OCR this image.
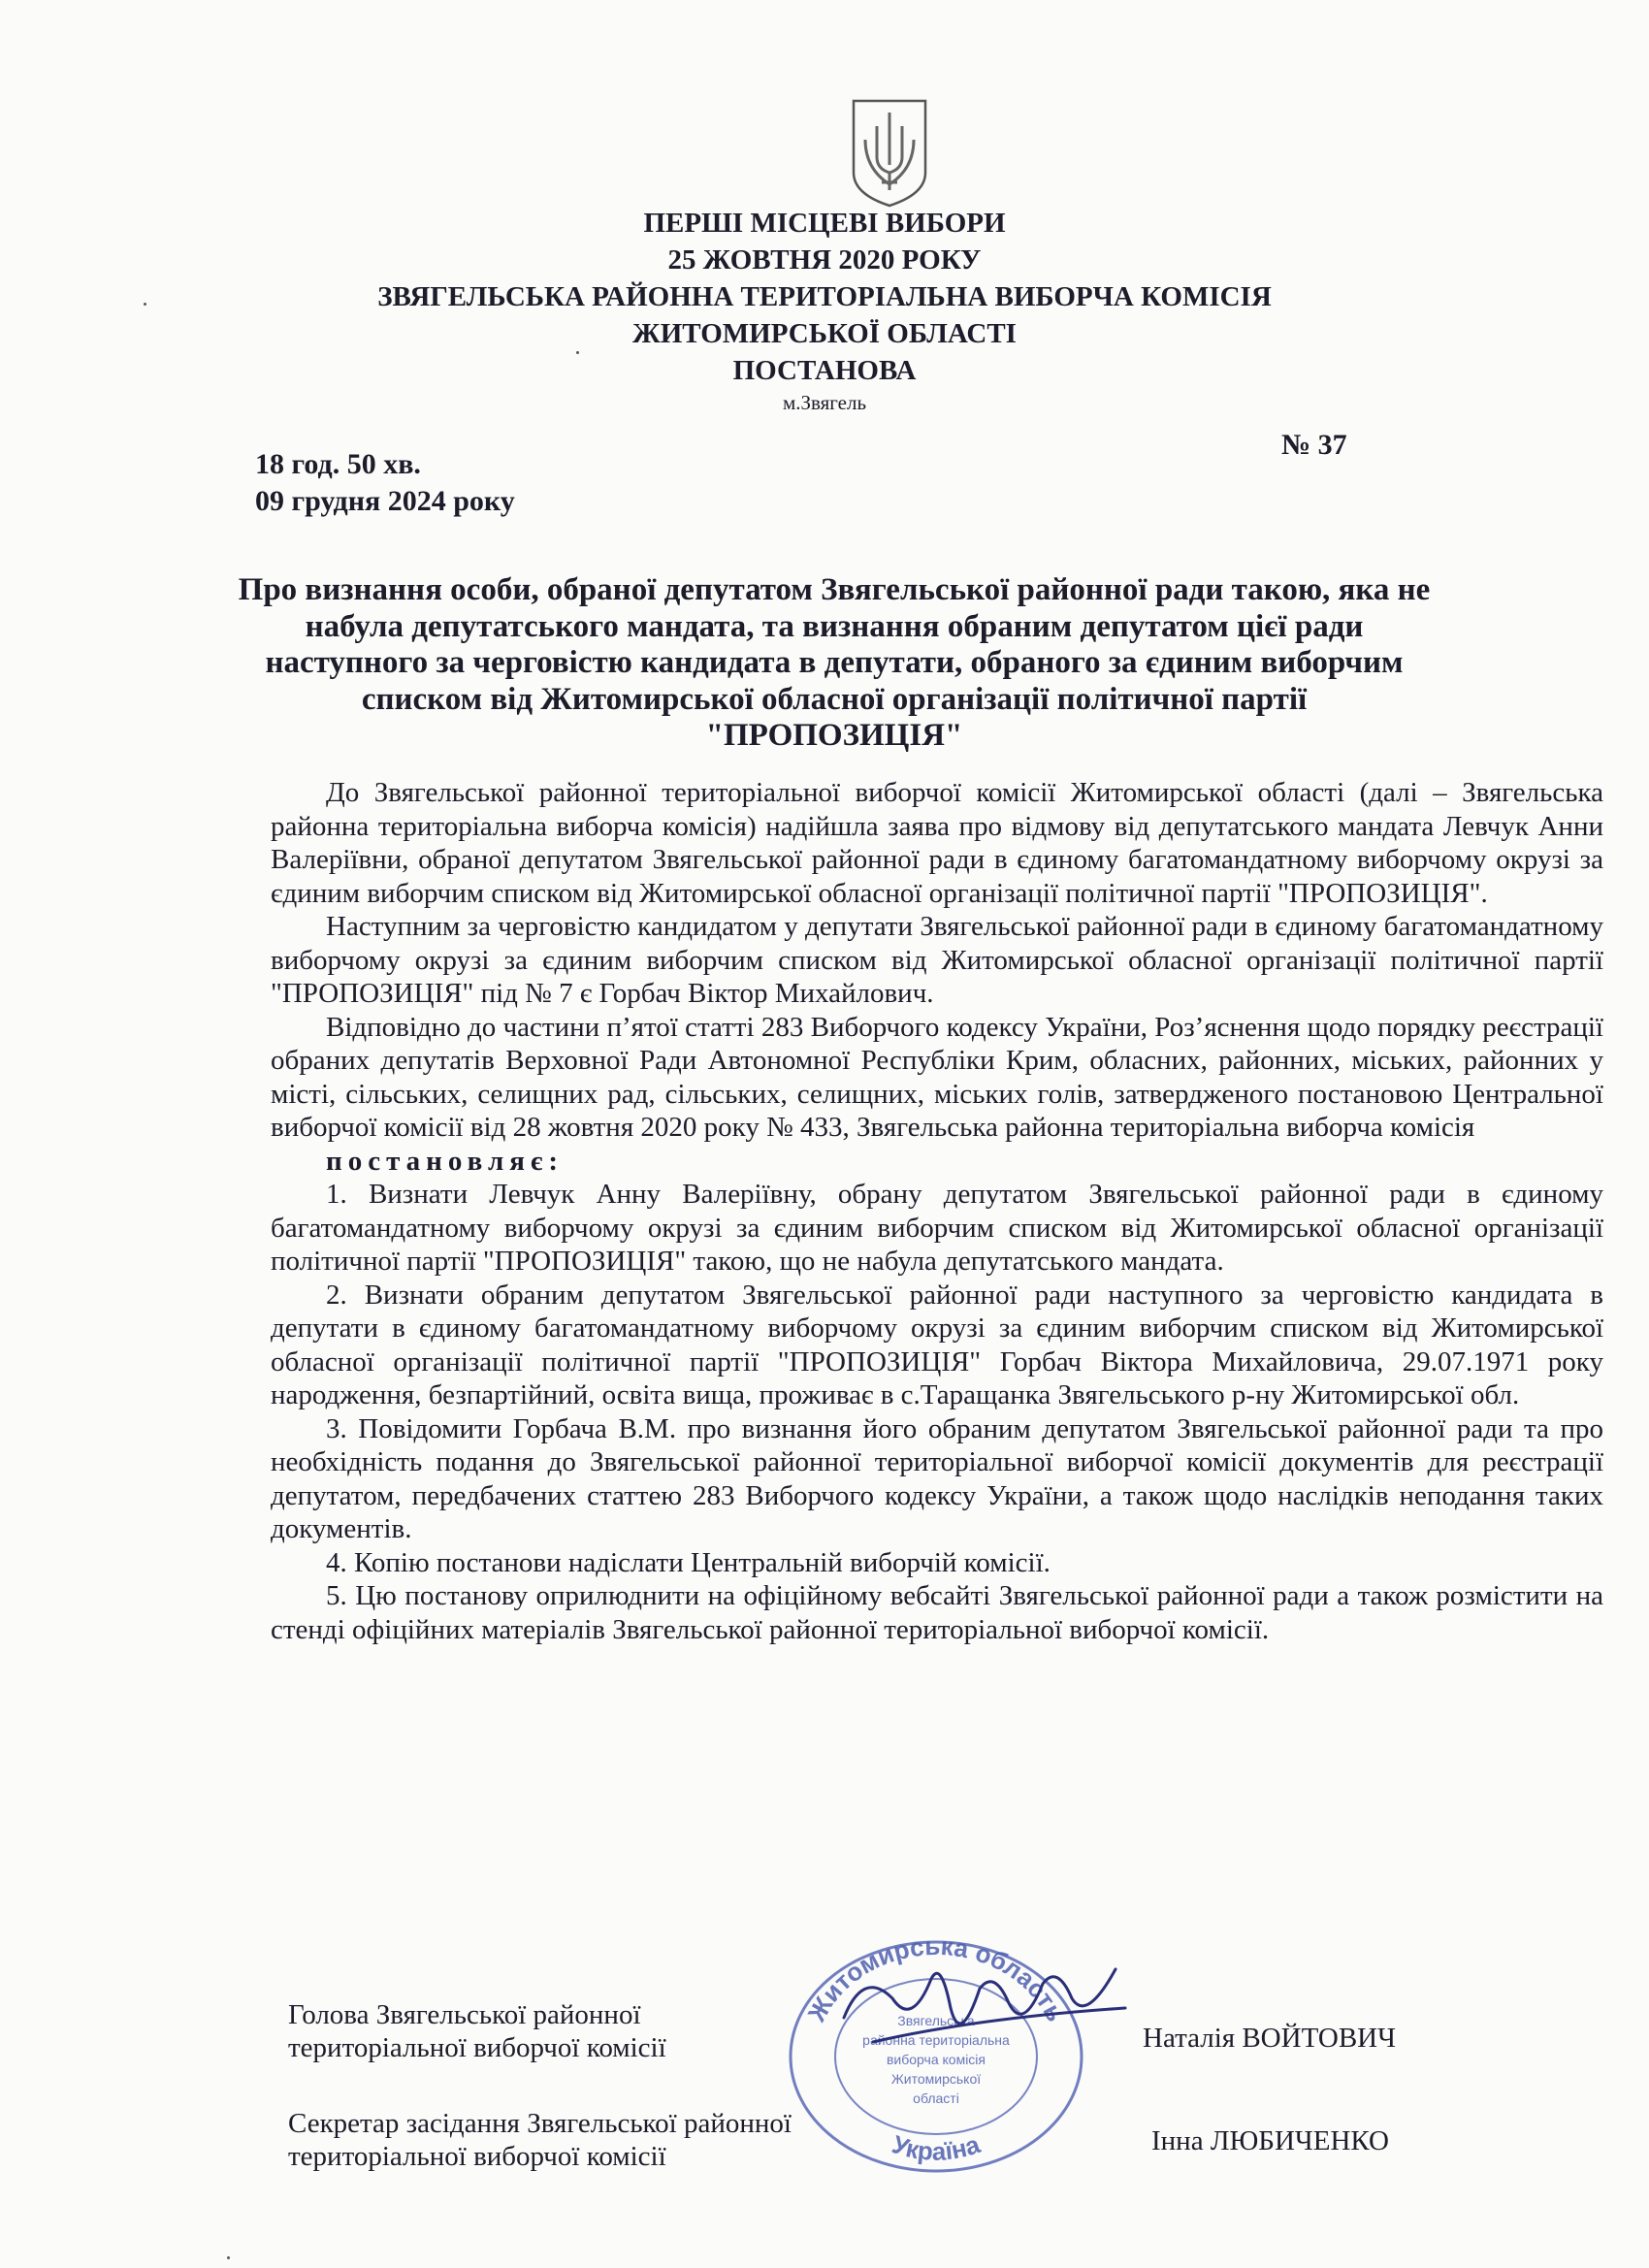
ПЕРШІ МІСЦЕВІ ВИБОРИ
25 ЖОВТНЯ 2020 РОКУ
ЗВЯГЕЛЬСЬКА РАЙОННА ТЕРИТОРІАЛЬНА ВИБОРЧА КОМІСІЯ
ЖИТОМИРСЬКОЇ ОБЛАСТІ
ПОСТАНОВА
м.Звягель
18 год. 50 хв.
09 грудня 2024 року
№ 37
Про визнання особи, обраної депутатом Звягельської районної ради такою, яка не набула депутатського мандата, та визнання обраним депутатом цієї ради наступного за черговістю кандидата в депутати, обраного за єдиним виборчим списком від Житомирської обласної організації політичної партії "ПРОПОЗИЦІЯ"

До Звягельської районної територіальної виборчої комісії Житомирської області (далі – Звягельська районна територіальна виборча комісія) надійшла заява про відмову від депутатського мандата Левчук Анни Валеріївни, обраної депутатом Звягельської районної ради в єдиному багатомандатному виборчому окрузі за єдиним виборчим списком від Житомирської обласної організації політичної партії "ПРОПОЗИЦІЯ".

Наступним за черговістю кандидатом у депутати Звягельської районної ради в єдиному багатомандатному виборчому окрузі за єдиним виборчим списком від Житомирської обласної організації політичної партії "ПРОПОЗИЦІЯ" під № 7 є Горбач Віктор Михайлович.

Відповідно до частини п’ятої статті 283 Виборчого кодексу України, Роз’яснення щодо порядку реєстрації обраних депутатів Верховної Ради Автономної Республіки Крим, обласних, районних, міських, районних у місті, сільських, селищних рад, сільських, селищних, міських голів, затвердженого постановою Центральної виборчої комісії від 28 жовтня 2020 року № 433, Звягельська районна територіальна виборча комісія

постановляє:

1. Визнати Левчук Анну Валеріївну, обрану депутатом Звягельської районної ради в єдиному багатомандатному виборчому окрузі за єдиним виборчим списком від Житомирської обласної організації політичної партії "ПРОПОЗИЦІЯ" такою, що не набула депутатського мандата.

2. Визнати обраним депутатом Звягельської районної ради наступного за черговістю кандидата в депутати в єдиному багатомандатному виборчому окрузі за єдиним виборчим списком від Житомирської обласної організації політичної партії "ПРОПОЗИЦІЯ" Горбач Віктора Михайловича, 29.07.1971 року народження, безпартійний, освіта вища, проживає в с.Таращанка Звягельського р-ну Житомирської обл.

3. Повідомити Горбача В.М. про визнання його обраним депутатом Звягельської районної ради та про необхідність подання до Звягельської районної територіальної виборчої комісії документів для реєстрації депутатом, передбачених статтею 283 Виборчого кодексу України, а також щодо наслідків неподання таких документів.

4. Копію постанови надіслати Центральній виборчій комісії.

5. Цю постанову оприлюднити на офіційному вебсайті Звягельської районної ради а також розмістити на стенді офіційних матеріалів Звягельської районної територіальної виборчої комісії.

Житомирська область
Україна
Звягельська
районна територіальна
виборча комісія
Житомирської
області
Голова Звягельської районної
територіальної виборчої комісії	Наталія ВОЙТОВИЧ
Секретар засідання Звягельської районної
територіальної виборчої комісії	Інна ЛЮБИЧЕНКО
